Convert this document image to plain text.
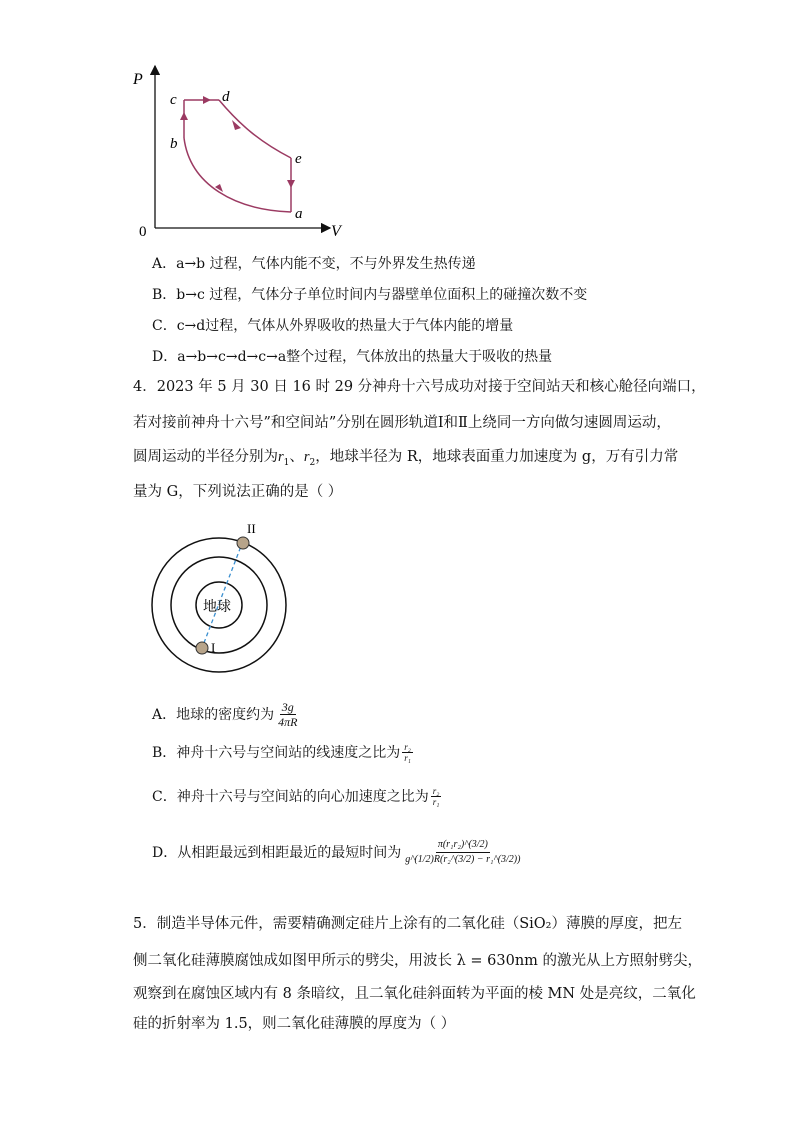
P
V
0
c	d
b
e
a
A．a→b 过程，气体内能不变，不与外界发生热传递
B．b→c 过程，气体分子单位时间内与器壁单位面积上的碰撞次数不变
C．c→d过程，气体从外界吸收的热量大于气体内能的增量
D．a→b→c→d→c→a整个过程，气体放出的热量大于吸收的热量
4．2023 年 5 月 30 日 16 时 29 分神舟十六号成功对接于空间站天和核心舱径向端口，
若对接前神舟十六号”和空间站”分别在圆形轨道Ⅰ和Ⅱ上绕同一方向做匀速圆周运动，
圆周运动的半径分别为$r_1$、$r_2$，地球半径为 R，地球表面重力加速度为 g，万有引力常
量为 G，下列说法正确的是（ ）
地球
II
I
A．地球的密度约为 $\frac{3g}{4\pi R}$
B．神舟十六号与空间站的线速度之比为 $\frac{\text{r₂}}{\text{r₁}}$
C．神舟十六号与空间站的向心加速度之比为 $\frac{\text{r₂}}{\text{r₁}}$
D．从相距最远到相距最近的最短时间为 $\frac{\text{π(r₁r₂)\textasciicircum{}(3/2)}}{\text{g\textasciicircum{}(1/2)R(r₂\textasciicircum{}(3/2) − r₁\textasciicircum{}(3/2))}}$
5．制造半导体元件，需要精确测定硅片上涂有的二氧化硅（SiO₂）薄膜的厚度，把左
侧二氧化硅薄膜腐蚀成如图甲所示的劈尖，用波长 λ = 630nm 的激光从上方照射劈尖，
观察到在腐蚀区域内有 8 条暗纹，且二氧化硅斜面转为平面的棱 MN 处是亮纹，二氧化
硅的折射率为 1.5，则二氧化硅薄膜的厚度为（ ）
